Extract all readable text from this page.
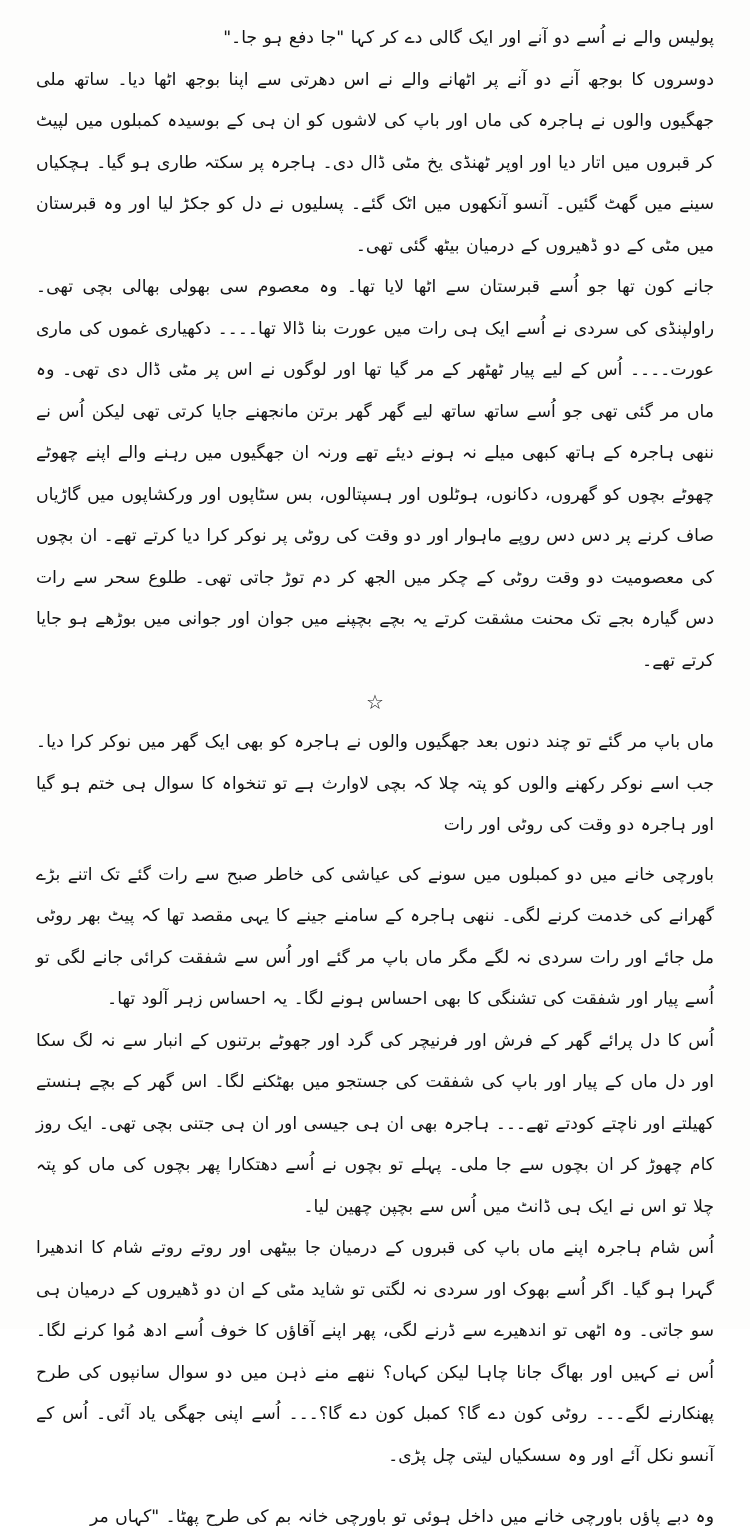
پولیس والے نے اُسے دو آنے اور ایک گالی دے کر کہا "جا دفع ہو جا۔"

دوسروں کا بوجھ آنے دو آنے پر اٹھانے والے نے اس دھرتی سے اپنا بوجھ اٹھا دیا۔ ساتھ ملی جھگیوں والوں نے ہاجرہ کی ماں اور باپ کی لاشوں کو ان ہی کے بوسیدہ کمبلوں میں لپیٹ کر قبروں میں اتار دیا اور اوپر ٹھنڈی یخ مٹی ڈال دی۔ ہاجرہ پر سکتہ طاری ہو گیا۔ ہچکیاں سینے میں گھٹ گئیں۔ آنسو آنکھوں میں اٹک گئے۔ پسلیوں نے دل کو جکڑ لیا اور وہ قبرستان میں مٹی کے دو ڈھیروں کے درمیان بیٹھ گئی تھی۔

جانے کون تھا جو اُسے قبرستان سے اٹھا لایا تھا۔ وہ معصوم سی بھولی بھالی بچی تھی۔ راولپنڈی کی سردی نے اُسے ایک ہی رات میں عورت بنا ڈالا تھا۔۔۔۔ دکھیاری غموں کی ماری عورت۔۔۔۔ اُس کے لیے پیار ٹھٹھر کے مر گیا تھا اور لوگوں نے اس پر مٹی ڈال دی تھی۔ وہ ماں مر گئی تھی جو اُسے ساتھ ساتھ لیے گھر گھر برتن مانجھنے جایا کرتی تھی لیکن اُس نے ننھی ہاجرہ کے ہاتھ کبھی میلے نہ ہونے دیئے تھے ورنہ ان جھگیوں میں رہنے والے اپنے چھوٹے چھوٹے بچوں کو گھروں، دکانوں، ہوٹلوں اور ہسپتالوں، بس سٹاپوں اور ورکشاپوں میں گاڑیاں صاف کرنے پر دس دس روپے ماہوار اور دو وقت کی روٹی پر نوکر کرا دیا کرتے تھے۔ ان بچوں کی معصومیت دو وقت روٹی کے چکر میں الجھ کر دم توڑ جاتی تھی۔ طلوع سحر سے رات دس گیارہ بجے تک محنت مشقت کرتے یہ بچے بچپنے میں جوان اور جوانی میں بوڑھے ہو جایا کرتے تھے۔

☆

ماں باپ مر گئے تو چند دنوں بعد جھگیوں والوں نے ہاجرہ کو بھی ایک گھر میں نوکر کرا دیا۔ جب اسے نوکر رکھنے والوں کو پتہ چلا کہ بچی لاوارث ہے تو تنخواہ کا سوال ہی ختم ہو گیا اور ہاجرہ دو وقت کی روٹی اور رات

باورچی خانے میں دو کمبلوں میں سونے کی عیاشی کی خاطر صبح سے رات گئے تک اتنے بڑے گھرانے کی خدمت کرنے لگی۔ ننھی ہاجرہ کے سامنے جینے کا یہی مقصد تھا کہ پیٹ بھر روٹی مل جائے اور رات سردی نہ لگے مگر ماں باپ مر گئے اور اُس سے شفقت کرائی جانے لگی تو اُسے پیار اور شفقت کی تشنگی کا بھی احساس ہونے لگا۔ یہ احساس زہر آلود تھا۔

اُس کا دل پرائے گھر کے فرش اور فرنیچر کی گرد اور جھوٹے برتنوں کے انبار سے نہ لگ سکا اور دل ماں کے پیار اور باپ کی شفقت کی جستجو میں بھٹکنے لگا۔ اس گھر کے بچے ہنستے کھیلتے اور ناچتے کودتے تھے۔۔۔ ہاجرہ بھی ان ہی جیسی اور ان ہی جتنی بچی تھی۔ ایک روز کام چھوڑ کر ان بچوں سے جا ملی۔ پہلے تو بچوں نے اُسے دھتکارا پھر بچوں کی ماں کو پتہ چلا تو اس نے ایک ہی ڈانٹ میں اُس سے بچپن چھین لیا۔

اُس شام ہاجرہ اپنے ماں باپ کی قبروں کے درمیان جا بیٹھی اور روتے روتے شام کا اندھیرا گہرا ہو گیا۔ اگر اُسے بھوک اور سردی نہ لگتی تو شاید مٹی کے ان دو ڈھیروں کے درمیان ہی سو جاتی۔ وہ اٹھی تو اندھیرے سے ڈرنے لگی، پھر اپنے آقاؤں کا خوف اُسے ادھ مُوا کرنے لگا۔ اُس نے کہیں اور بھاگ جانا چاہا لیکن کہاں؟ ننھے منے ذہن میں دو سوال سانپوں کی طرح پھنکارنے لگے۔۔۔ روٹی کون دے گا؟ کمبل کون دے گا؟۔۔۔ اُسے اپنی جھگی یاد آئی۔ اُس کے آنسو نکل آئے اور وہ سسکیاں لیتی چل پڑی۔

وہ دبے پاؤں باورچی خانے میں داخل ہوئی تو باورچی خانہ بم کی طرح پھٹا۔ "کہاں مر
